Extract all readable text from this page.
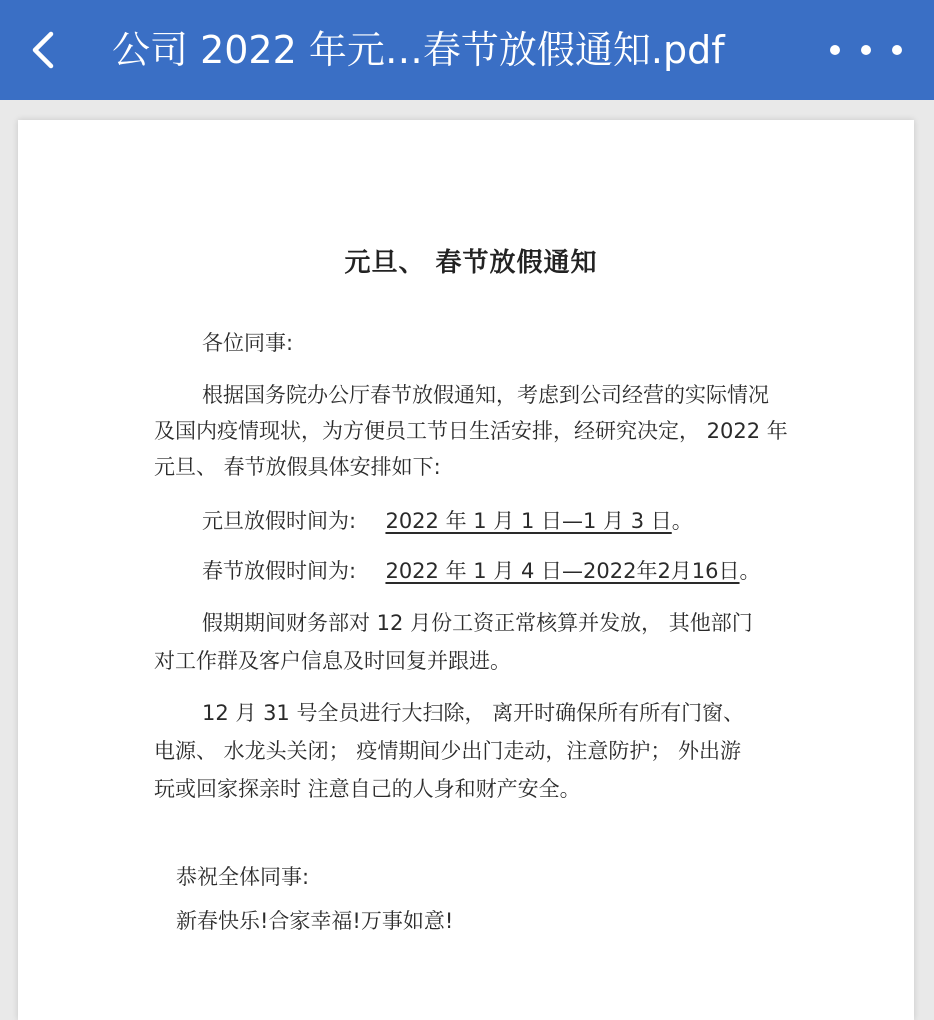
公司 2022 年元…春节放假通知.pdf
元旦、 春节放假通知
各位同事:
根据国务院办公厅春节放假通知，考虑到公司经营的实际情况
及国内疫情现状，为方便员工节日生活安排，经研究决定， 2022 年
元旦、 春节放假具体安排如下:
元旦放假时间为: 2022 年 1 月 1 日—1 月 3 日。
春节放假时间为: 2022 年 1 月 4 日—2022年2月16日。
假期期间财务部对 12 月份工资正常核算并发放， 其他部门
对工作群及客户信息及时回复并跟进。
12 月 31 号全员进行大扫除， 离开时确保所有所有门窗、
电源、 水龙头关闭； 疫情期间少出门走动，注意防护； 外出游
玩或回家探亲时 注意自己的人身和财产安全。
恭祝全体同事:
新春快乐!合家幸福!万事如意!
